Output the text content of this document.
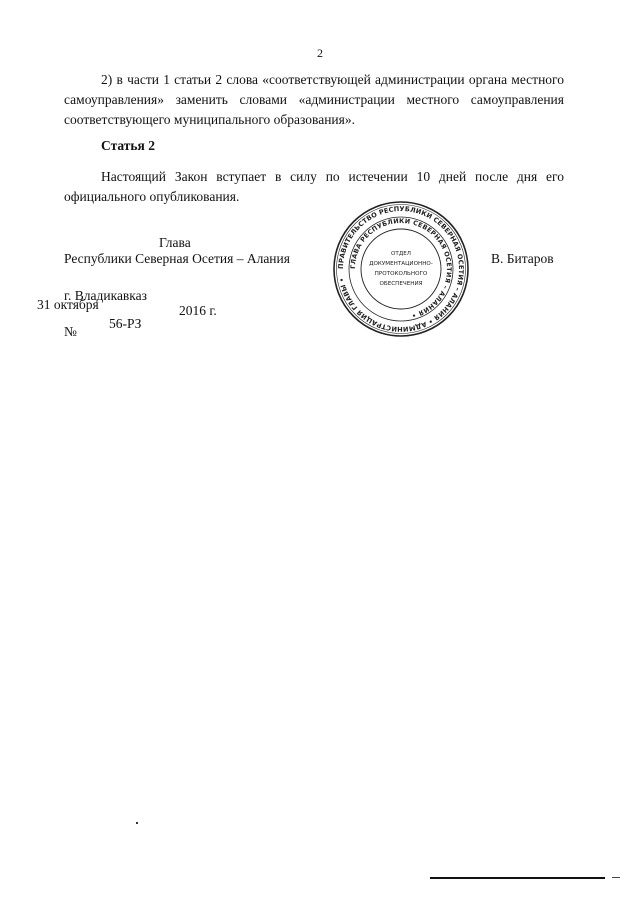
2

2) в части 1 статьи 2 слова «соответствующей администрации органа местного самоуправления» заменить словами «администрации местного самоуправления соответствующего муниципального образования».

Статья 2

Настоящий Закон вступает в силу по истечении 10 дней после дня его официального опубликования.

Глава
Республики Северная Осетия – Алания	В. Битаров
ПРАВИТЕЛЬСТВО РЕСПУБЛИКИ СЕВЕРНАЯ ОСЕТИЯ – АЛАНИЯ • АДМИНИСТРАЦИЯ ГЛАВЫ •
ГЛАВА РЕСПУБЛИКИ СЕВЕРНАЯ ОСЕТИЯ – АЛАНИЯ •
ОТДЕЛ
ДОКУМЕНТАЦИОННО-
ПРОТОКОЛЬНОГО
ОБЕСПЕЧЕНИЯ
г. Владикавказ
31 октября	2016 г.
№
56-РЗ
